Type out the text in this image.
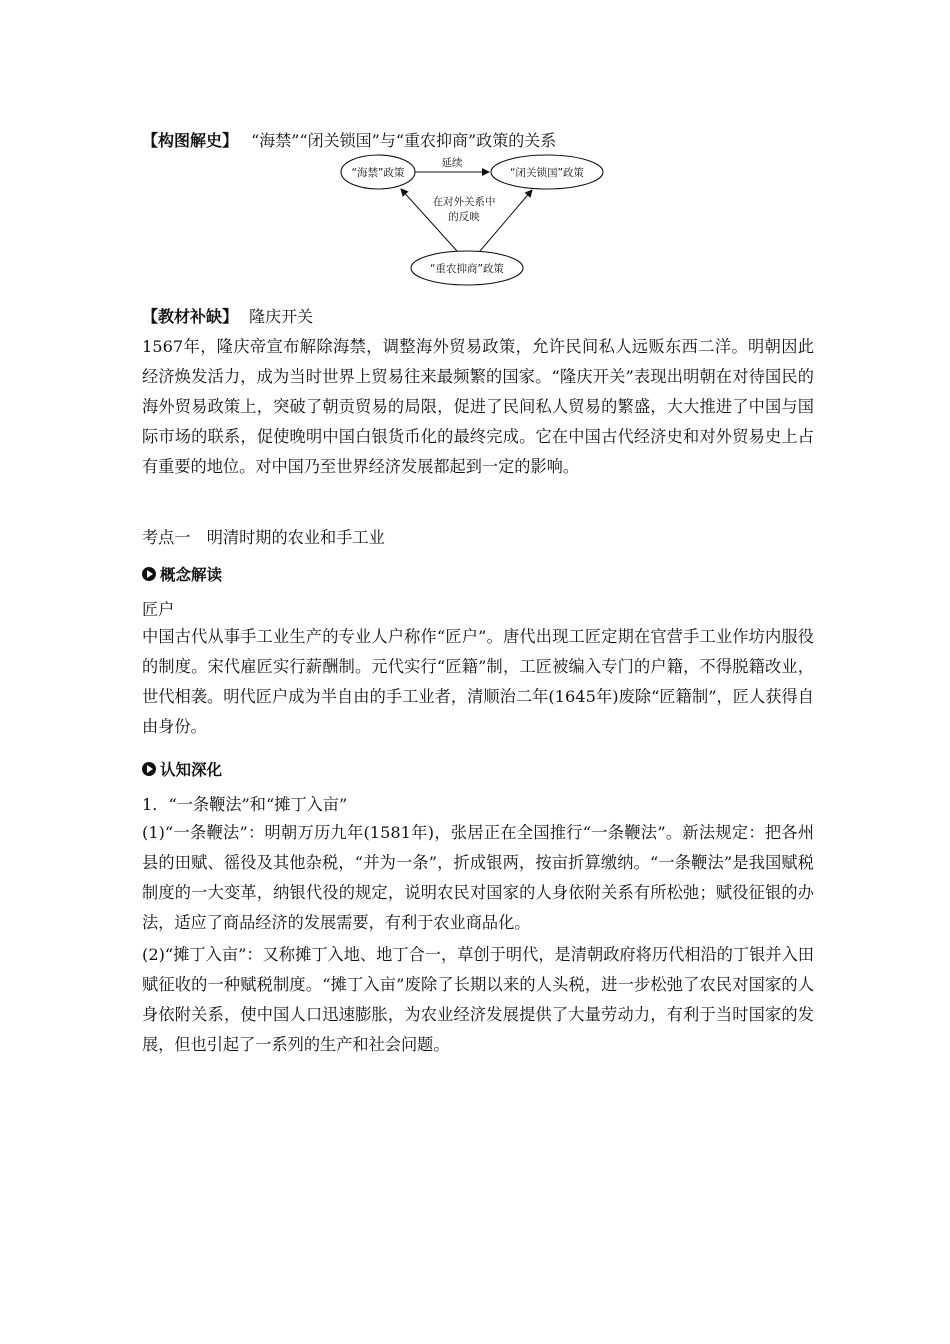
【构图解史】 “海禁”“闭关锁国”与“重农抑商”政策的关系
“海禁”政策	“闭关锁国”政策
“重农抑商”政策
延续
在对外关系中
的反映
【教材补缺】 隆庆开关

1567年，隆庆帝宣布解除海禁，调整海外贸易政策，允许民间私人远贩东西二洋。明朝因此经济焕发活力，成为当时世界上贸易往来最频繁的国家。“隆庆开关”表现出明朝在对待国民的海外贸易政策上，突破了朝贡贸易的局限，促进了民间私人贸易的繁盛，大大推进了中国与国际市场的联系，促使晚明中国白银货币化的最终完成。它在中国古代经济史和对外贸易史上占有重要的地位。对中国乃至世界经济发展都起到一定的影响。

考点一　明清时期的农业和手工业
概念解读
匠户

中国古代从事手工业生产的专业人户称作“匠户”。唐代出现工匠定期在官营手工业作坊内服役的制度。宋代雇匠实行薪酬制。元代实行“匠籍”制，工匠被编入专门的户籍，不得脱籍改业，世代相袭。明代匠户成为半自由的手工业者，清顺治二年(1645年)废除“匠籍制”，匠人获得自由身份。

认知深化
1．“一条鞭法”和“摊丁入亩”

(1)“一条鞭法”：明朝万历九年(1581年)，张居正在全国推行“一条鞭法”。新法规定：把各州县的田赋、徭役及其他杂税，“并为一条”，折成银两，按亩折算缴纳。“一条鞭法”是我国赋税制度的一大变革，纳银代役的规定，说明农民对国家的人身依附关系有所松弛；赋役征银的办法，适应了商品经济的发展需要，有利于农业商品化。

(2)“摊丁入亩”：又称摊丁入地、地丁合一，草创于明代，是清朝政府将历代相沿的丁银并入田赋征收的一种赋税制度。“摊丁入亩”废除了长期以来的人头税，进一步松弛了农民对国家的人身依附关系，使中国人口迅速膨胀，为农业经济发展提供了大量劳动力，有利于当时国家的发展，但也引起了一系列的生产和社会问题。
